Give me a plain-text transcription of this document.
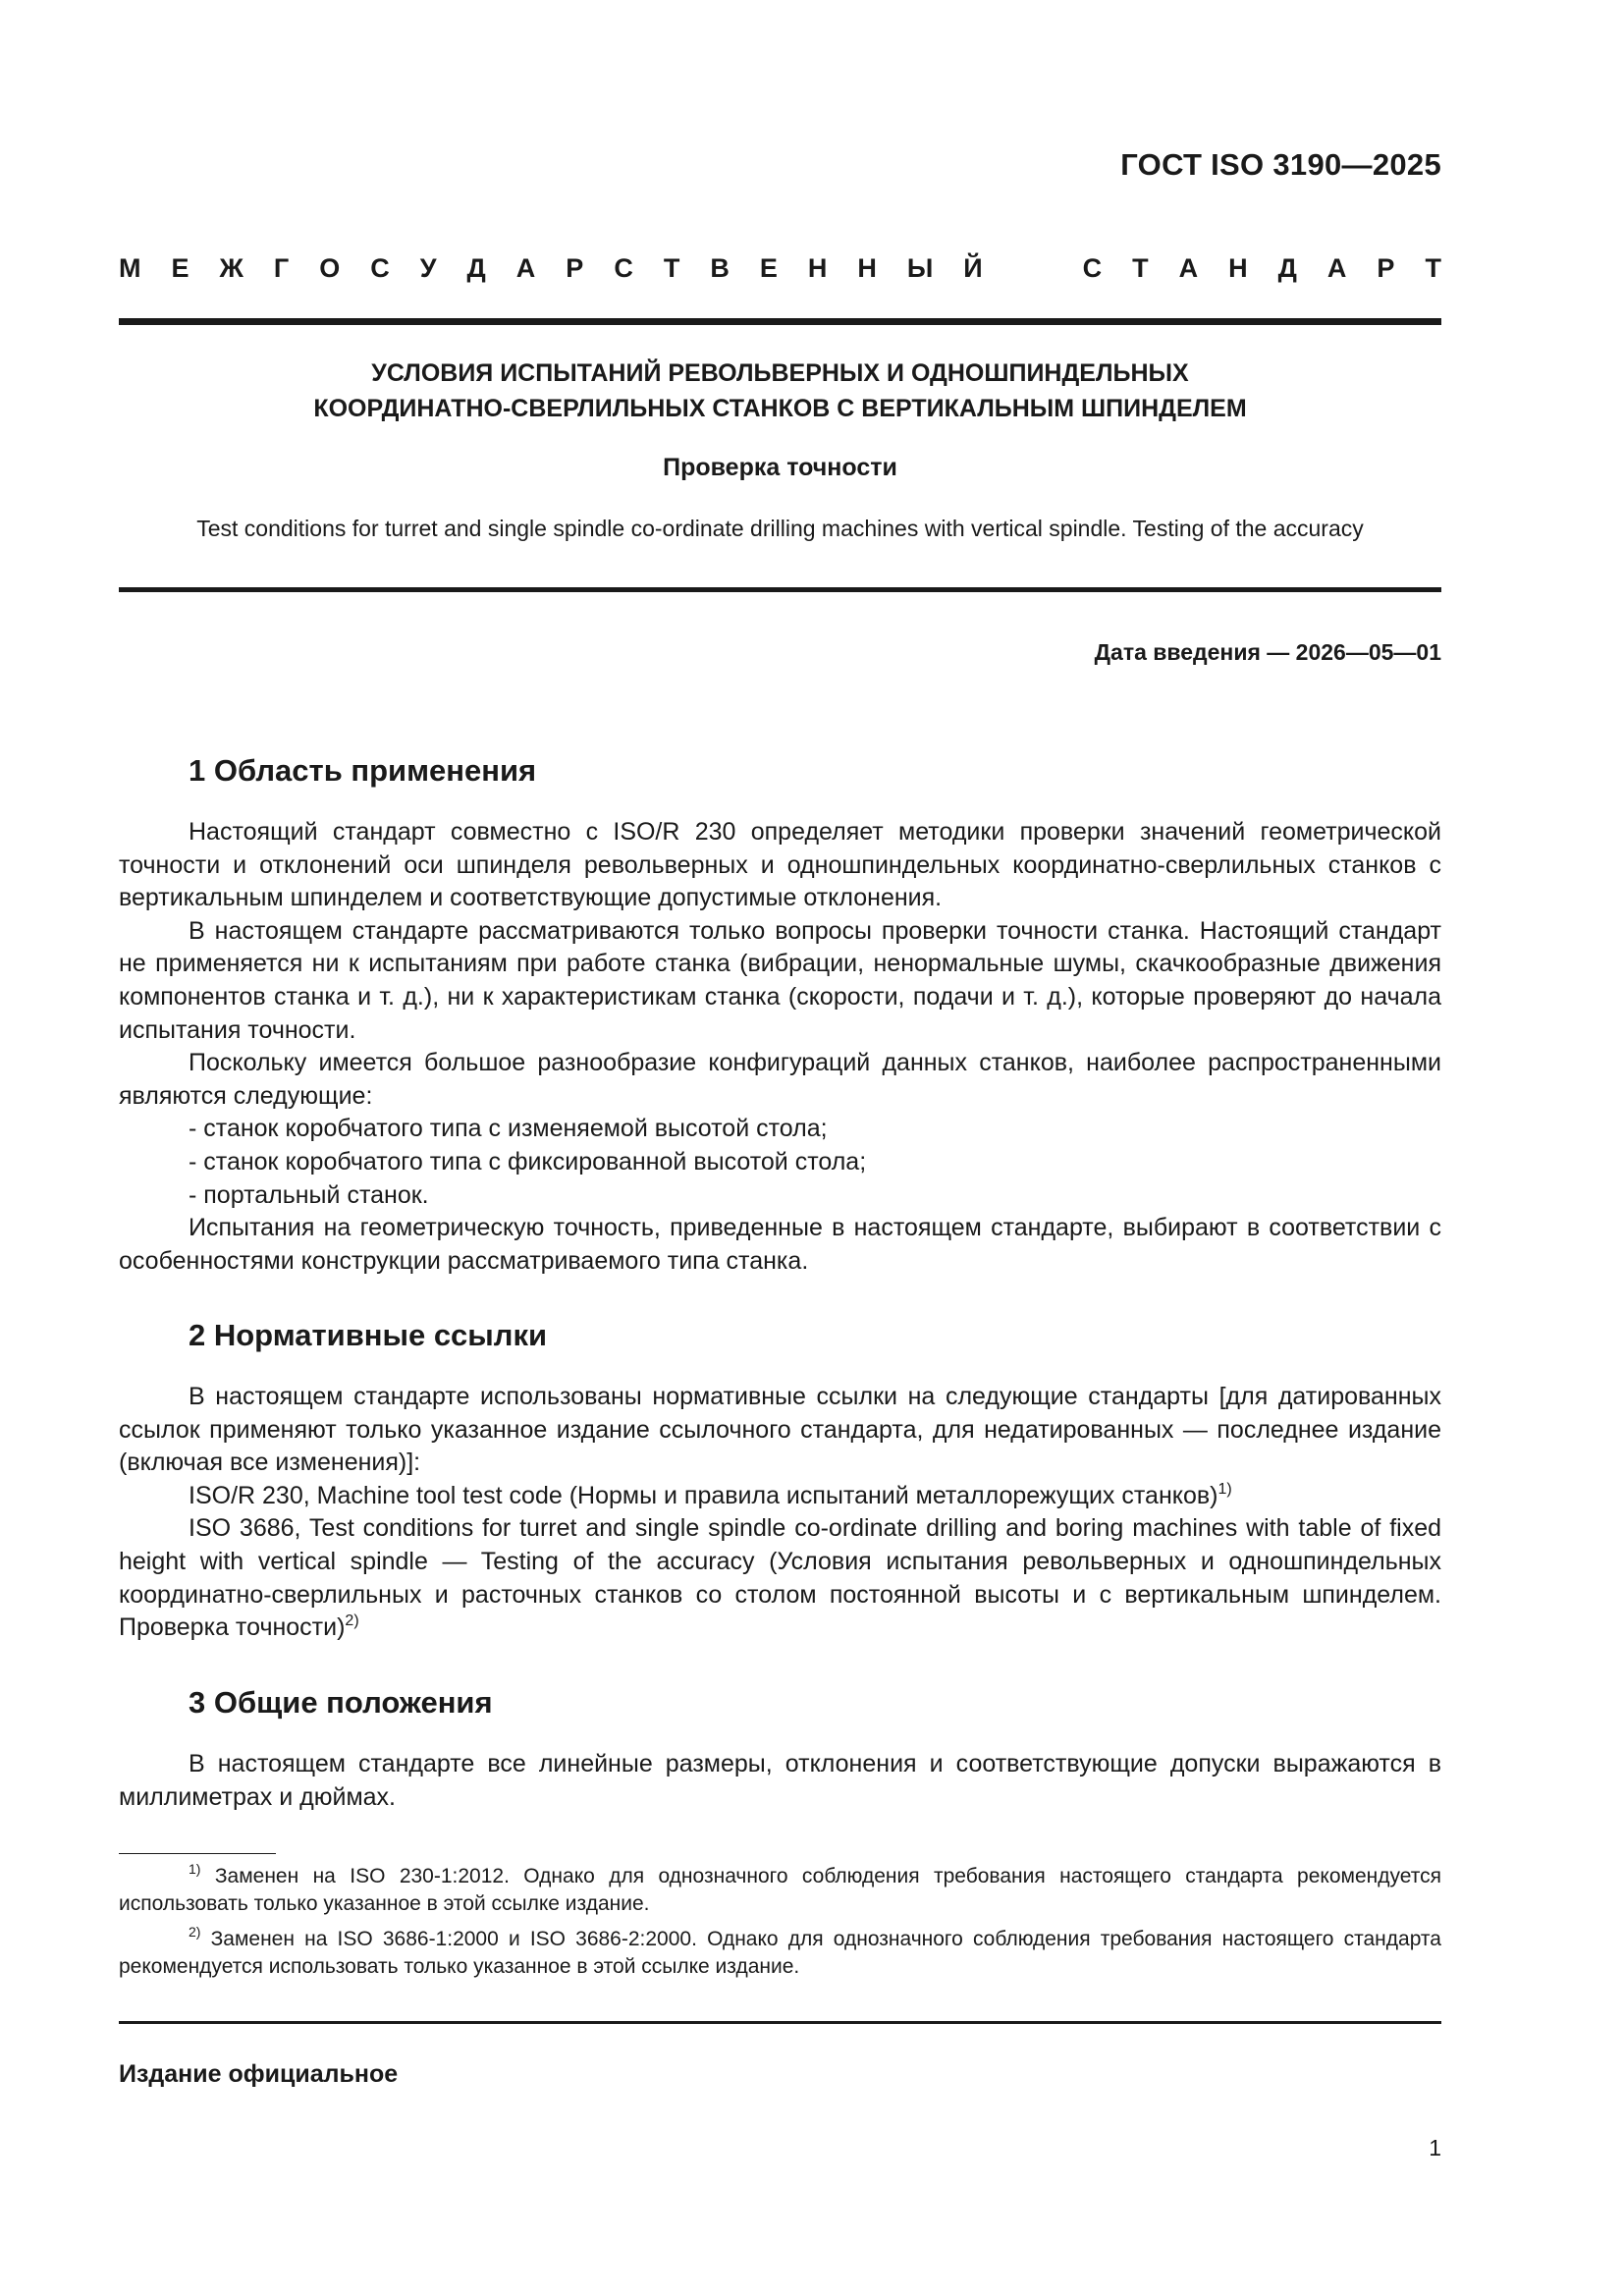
ГОСТ ISO 3190—2025
М Е Ж Г О С У Д А Р С Т В Е Н Н Ы Й
	С Т А Н Д А Р Т
УСЛОВИЯ ИСПЫТАНИЙ РЕВОЛЬВЕРНЫХ И ОДНОШПИНДЕЛЬНЫХ
КООРДИНАТНО-СВЕРЛИЛЬНЫХ СТАНКОВ С ВЕРТИКАЛЬНЫМ ШПИНДЕЛЕМ
Проверка точности
Test conditions for turret and single spindle co-ordinate drilling machines with vertical spindle. Testing of the accuracy
Дата введения — 2026—05—01
1 Область применения

Настоящий стандарт совместно с ISO/R 230 определяет методики проверки значений геометрической точности и отклонений оси шпинделя револьверных и одношпиндельных координатно-сверлильных станков с вертикальным шпинделем и соответствующие допустимые отклонения.

В настоящем стандарте рассматриваются только вопросы проверки точности станка. Настоящий стандарт не применяется ни к испытаниям при работе станка (вибрации, ненормальные шумы, скачкообразные движения компонентов станка и т. д.), ни к характеристикам станка (скорости, подачи и т. д.), которые проверяют до начала испытания точности.

Поскольку имеется большое разнообразие конфигураций данных станков, наиболее распространенными являются следующие:

- станок коробчатого типа с изменяемой высотой стола;

- станок коробчатого типа с фиксированной высотой стола;

- портальный станок.

Испытания на геометрическую точность, приведенные в настоящем стандарте, выбирают в соответствии с особенностями конструкции рассматриваемого типа станка.

2 Нормативные ссылки

В настоящем стандарте использованы нормативные ссылки на следующие стандарты [для датированных ссылок применяют только указанное издание ссылочного стандарта, для недатированных — последнее издание (включая все изменения)]:

ISO/R 230, Machine tool test code (Нормы и правила испытаний металлорежущих станков)$^{1)}$

ISO 3686, Test conditions for turret and single spindle co-ordinate drilling and boring machines with table of fixed height with vertical spindle — Testing of the accuracy (Условия испытания револьверных и одношпиндельных координатно-сверлильных и расточных станков со столом постоянной высоты и с вертикальным шпинделем. Проверка точности)$^{2)}$

3 Общие положения

В настоящем стандарте все линейные размеры, отклонения и соответствующие допуски выражаются в миллиметрах и дюймах.

$^{1)}$ Заменен на ISO 230-1:2012. Однако для однозначного соблюдения требования настоящего стандарта рекомендуется использовать только указанное в этой ссылке издание.

$^{2)}$ Заменен на ISO 3686-1:2000 и ISO 3686-2:2000. Однако для однозначного соблюдения требования настоящего стандарта рекомендуется использовать только указанное в этой ссылке издание.

Издание официальное
1
